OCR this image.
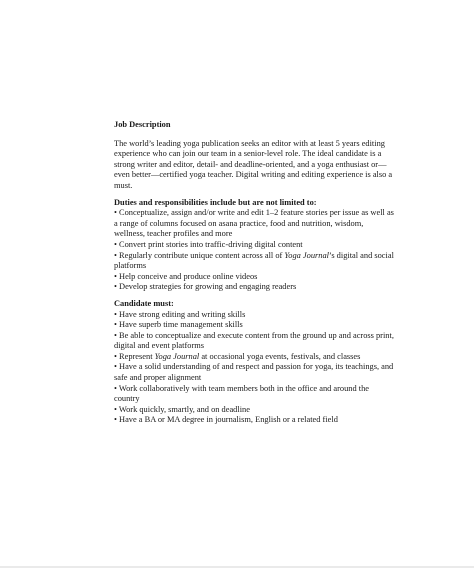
Job Description

The world’s leading yoga publication seeks an editor with at least 5 years editing experience who can join our team in a senior-level role. The ideal candidate is a strong writer and editor, detail- and deadline-oriented, and a yoga enthusiast or—even better—certified yoga teacher. Digital writing and editing experience is also a must.

Duties and responsibilities include but are not limited to:

• Conceptualize, assign and/or write and edit 1–2 feature stories per issue as well as a range of columns focused on asana practice, food and nutrition, wisdom, wellness, teacher profiles and more
• Convert print stories into traffic-driving digital content
• Regularly contribute unique content across all of Yoga Journal’s digital and social platforms
• Help conceive and produce online videos
• Develop strategies for growing and engaging readers

Candidate must:

• Have strong editing and writing skills
• Have superb time management skills
• Be able to conceptualize and execute content from the ground up and across print, digital and event platforms
• Represent Yoga Journal at occasional yoga events, festivals, and classes
• Have a solid understanding of and respect and passion for yoga, its teachings, and safe and proper alignment
• Work collaboratively with team members both in the office and around the country
• Work quickly, smartly, and on deadline
• Have a BA or MA degree in journalism, English or a related field
